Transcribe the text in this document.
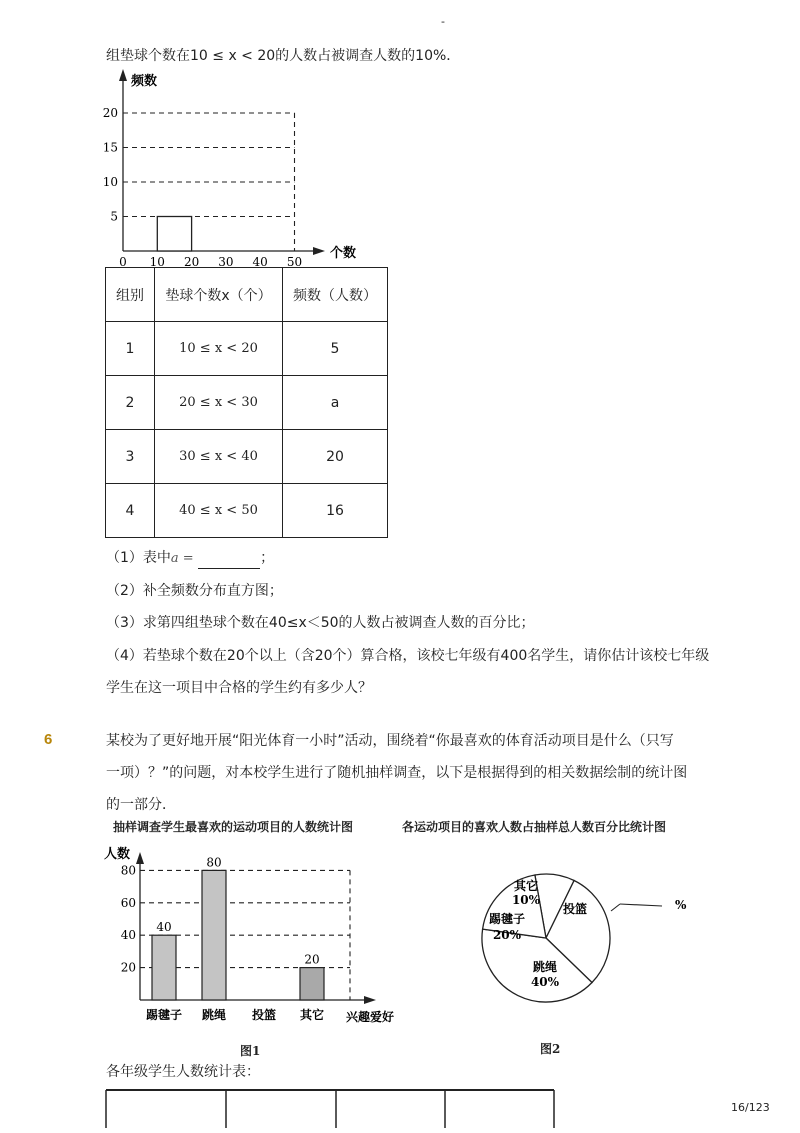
-
组垫球个数在10 ≤ x < 20的人数占被调查人数的10%．
20
15
10
5
0 10 20 30 40 50
频数
个数
组别	垫球个数x（个）	频数（人数）
1	10 ≤ x < 20	5
2	20 ≤ x < 30	a
3	30 ≤ x < 40	20
4	40 ≤ x < 50	16
（1）表中a =	；
（2）补全频数分布直方图；
（3）求第四组垫球个数在40≤x＜50的人数占被调查人数的百分比；
（4）若垫球个数在20个以上（含20个）算合格，该校七年级有400名学生，请你估计该校七年级
学生在这一项目中合格的学生约有多少人？
6	某校为了更好地开展“阳光体育一小时”活动，围绕着“你最喜欢的体育活动项目是什么（只写
一项）？”的问题，对本校学生进行了随机抽样调查，以下是根据得到的相关数据绘制的统计图
的一部分．
抽样调查学生最喜欢的运动项目的人数统计图
80
60
40
20
40
踢毽子
80
跳绳 投篮
20
其它
人数
兴趣爱好
图1
各运动项目的喜欢人数占抽样总人数百分比统计图
%
其它
10%
投篮
跳绳
40%
踢毽子
20%
图2
各年级学生人数统计表：
16/123
